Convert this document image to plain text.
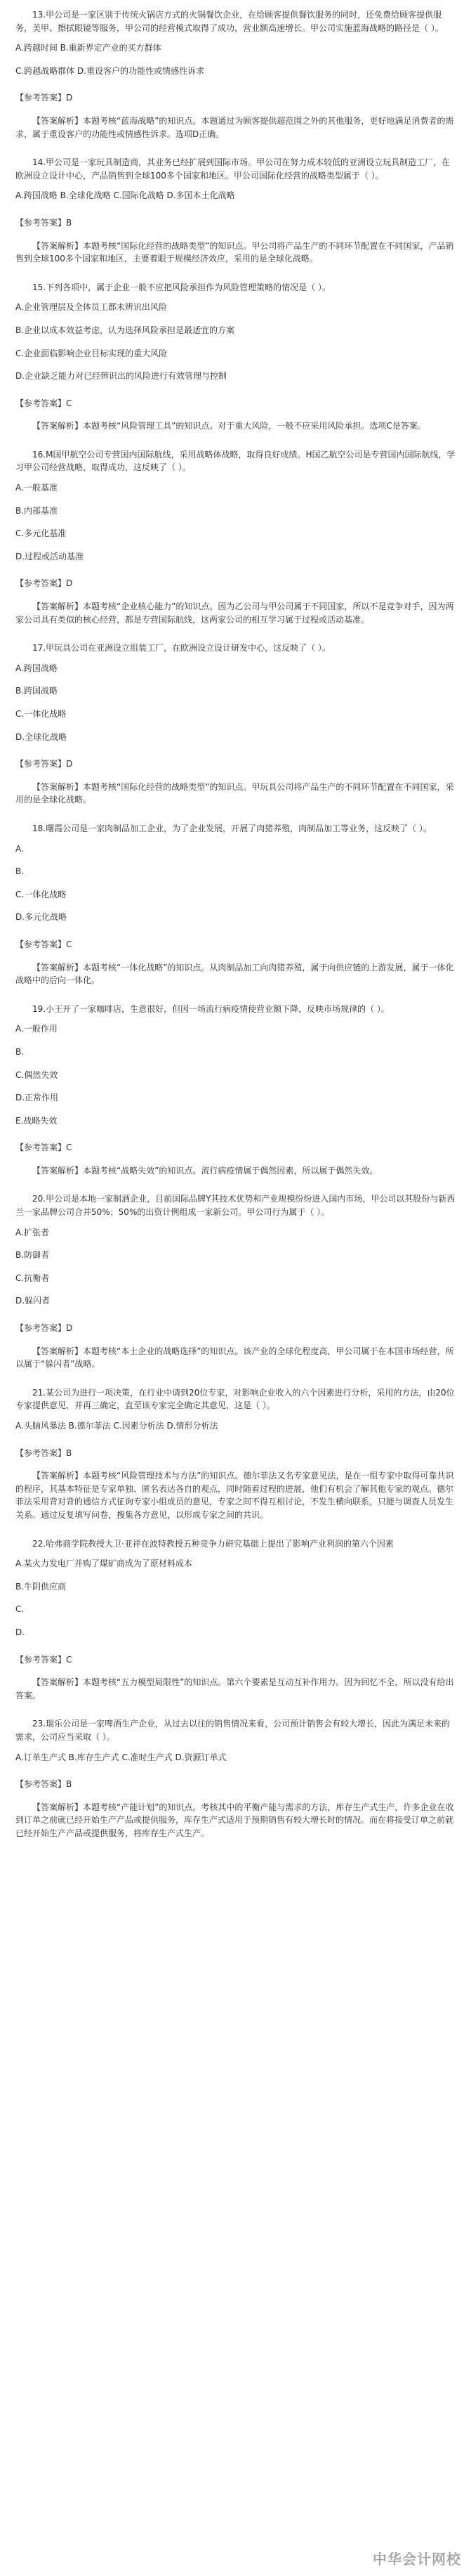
13.甲公司是一家区别于传统火锅店方式的火锅餐饮企业，在给顾客提供餐饮服务的同时，还免费给顾客提供服务，美甲、擦拭眼镜等服务，甲公司的经营模式取得了成功，营业额高速增长。甲公司实施蓝海战略的路径是（ ）。

A.跨越时间 B.重新界定产业的买方群体

C.跨越战略群体 D.重设客户的功能性或情感性诉求

【参考答案】D

【答案解析】本题考核“蓝海战略”的知识点。本题通过为顾客提供超范围之外的其他服务，更好地满足消费者的需求，属于重设客户的功能性或情感性诉求。选项D正确。

14.甲公司是一家玩具制造商，其业务已经扩展到国际市场。甲公司在努力成本较低的亚洲设立玩具制造工厂，在欧洲设立设计中心，产品销售到全球100多个国家和地区。甲公司国际化经营的战略类型属于（ ）。

A.跨国战略 B.全球化战略 C.国际化战略 D.多国本土化战略

【参考答案】B

【答案解析】本题考核“国际化经营的战略类型”的知识点。甲公司将产品生产的不同环节配置在不同国家，产品销售到全球100多个国家和地区，主要着眼于规模经济效应，采用的是全球化战略。

15.下列各项中，属于企业一般不应把风险承担作为风险管理策略的情况是（ ）。

A.企业管理层及全体员工都未辨识出风险

B.企业以成本效益考虑，认为选择风险承担是最适宜的方案

C.企业面临影响企业目标实现的重大风险

D.企业缺乏能力对已经辨识出的风险进行有效管理与控制

【参考答案】C

【答案解析】本题考核“风险管理工具”的知识点。对于重大风险，一般不应采用风险承担。选项C是答案。

16.M国甲航空公司专营国内国际航线，采用战略体战略，取得良好成绩。H国乙航空公司是专营国内国际航线，学习甲公司经营战略，取得成功，这反映了（ ）。

A.一般基准

B.内部基准

C.多元化基准

D.过程或活动基准

【参考答案】D

【答案解析】本题考核“企业核心能力”的知识点。因为乙公司与甲公司属于不同国家，所以不是竞争对手，因为两家公司具有类似的核心经营，都是专营国际航线，这两家公司的相互学习属于过程或活动基准。

17.甲玩具公司在亚洲设立组装工厂，在欧洲设立设计研发中心，这反映了（ ）。

A.跨国战略

B.跨国战略

C.一体化战略

D.全球化战略

【参考答案】D

【答案解析】本题考核“国际化经营的战略类型”的知识点。甲玩具公司将产品生产的不同环节配置在不同国家，采用的是全球化战略。

18.曙霞公司是一家肉制品加工企业，为了企业发展，开展了肉猪养殖，肉制品加工等业务，这反映了（ ）。

A.

B.

C.一体化战略

D.多元化战略

【参考答案】C

【答案解析】本题考核“一体化战略”的知识点。从肉制品加工向肉猪养殖，属于向供应链的上游发展，属于一体化战略中的后向一体化。

19.小王开了一家咖啡店，生意很好，但因一场流行病疫情使营业额下降，反映市场规律的（ ）。

A.一般作用

B.

C.偶然失效

D.正常作用

E.战略失效

【参考答案】C

【答案解析】本题考核“战略失效”的知识点。流行病疫情属于偶然因素，所以属于偶然失效。

20.甲公司是本地一家制酒企业，目前国际品牌Y其技术优势和产业规模纷纷进入国内市场，甲公司以其股份与新西兰一家品牌公司合并50%；50%的出资计例组成一家新公司。甲公司行为属于（ ）。

A.扩张者

B.防御者

C.抗衡者

D.躲闪者

【参考答案】D

【答案解析】本题考核“本土企业的战略选择”的知识点。该产业的全球化程度高，甲公司属于在本国市场经营，所以属于“躲闪者”战略。

21.某公司为进行一项决策，在行业中请到20位专家，对影响企业收入的六个因素进行分析，采用的方法，由20位专家提供意见，并再三确定，直至该专家完全确定其意见，这是（ ）。

A.头脑风暴法 B.德尔菲法 C.因素分析法 D.情形分析法

【参考答案】B

【答案解析】本题考核“风险管理技术与方法”的知识点。德尔菲法又名专家意见法，是在一组专家中取得可靠共识的程序，其基本特征是专家单独、匿名表达各自的观点，同时随着过程的进展，他们有机会了解其他专家的观点。德尔菲法采用背对背的通信方式征询专家小组成员的意见，专家之间不得互相讨论，不发生横向联系，只能与调查人员发生关系。通过反复填写问卷，搜集各方意见，以形成专家之间的共识。

22.哈弗商学院教授大卫·亚祥在波特教授五种竞争力研究基础上提出了影响产业利润的第六个因素

A.某火力发电厂并购了煤矿商成为了原材料成本

B.牛阴供应商

C.

D.

【参考答案】C

【答案解析】本题考核“五力模型局限性”的知识点。第六个要素是互动互补作用力。因为回忆不全，所以没有给出答案。

23.瑞乐公司是一家啤酒生产企业，从过去以往的销售情况来看，公司预计销售会有较大增长，因此为满足未来的需求，公司应当采取（ ）。

A.订单生产式 B.库存生产式 C.准时生产式 D.资源订单式

【参考答案】B

【答案解析】本题考核“产能计划”的知识点。考核其中的平衡产能与需求的方法，库存生产式生产，许多企业在收到订单之前就已经开始生产产品或提供服务，库存生产式适用于预期销售有较大增长时的情况。而在将接受订单之前就已经开始生产产品或提供服务，将库存生产式生产。

中华会计网校
